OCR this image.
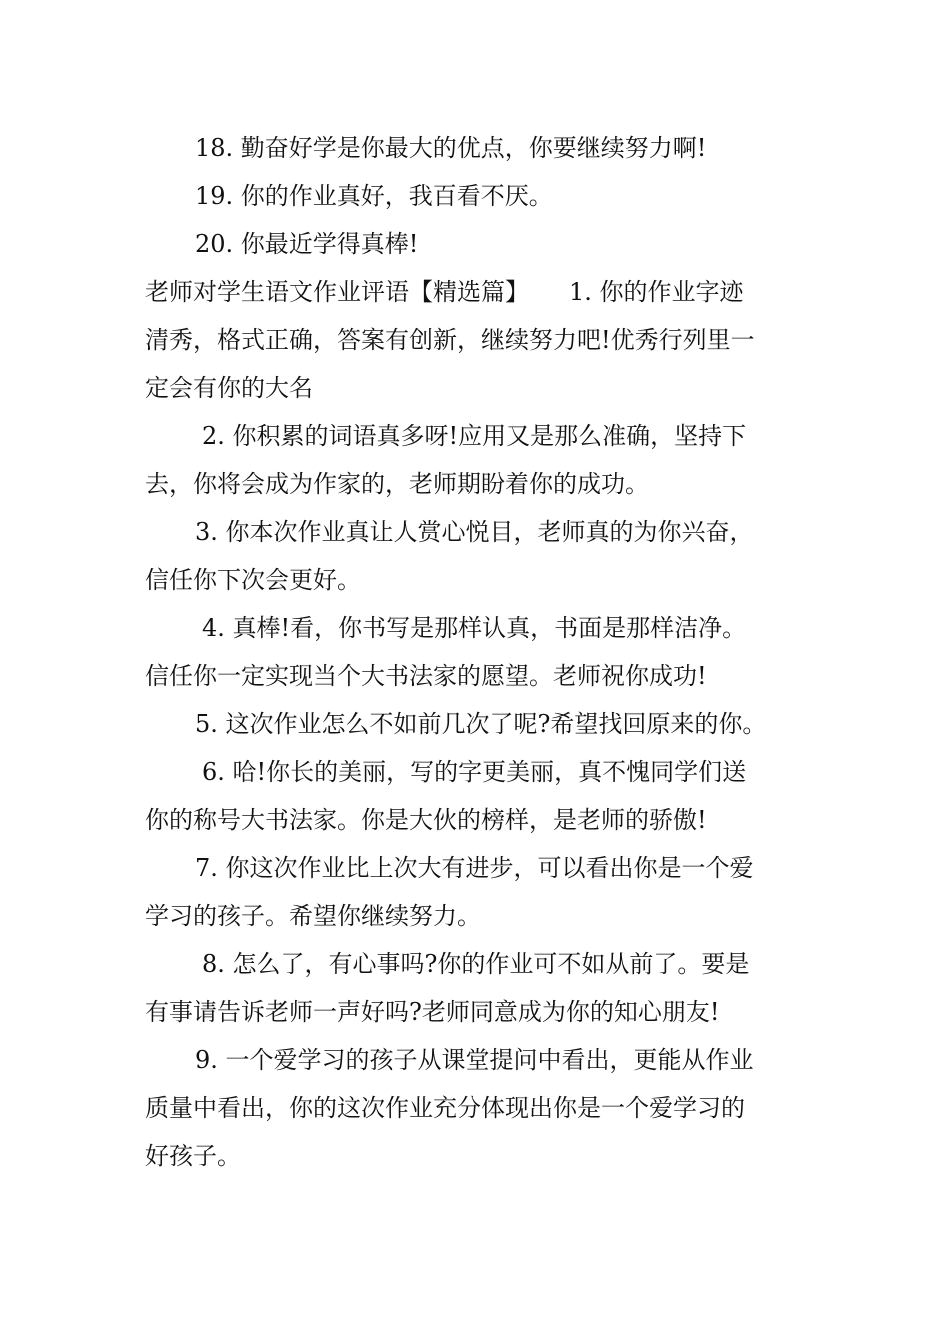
18. 勤奋好学是你最大的优点，你要继续努力啊!
19. 你的作业真好，我百看不厌。
20. 你最近学得真棒!
老师对学生语文作业评语【精选篇】 1. 你的作业字迹
清秀，格式正确，答案有创新，继续努力吧!优秀行列里一
定会有你的大名
2. 你积累的词语真多呀!应用又是那么准确，坚持下
去，你将会成为作家的，老师期盼着你的成功。
3. 你本次作业真让人赏心悦目，老师真的为你兴奋，
信任你下次会更好。
4. 真棒!看，你书写是那样认真，书面是那样洁净。
信任你一定实现当个大书法家的愿望。老师祝你成功!
5. 这次作业怎么不如前几次了呢?希望找回原来的你。
6. 哈!你长的美丽，写的字更美丽，真不愧同学们送
你的称号大书法家。你是大伙的榜样，是老师的骄傲!
7. 你这次作业比上次大有进步，可以看出你是一个爱
学习的孩子。希望你继续努力。
8. 怎么了，有心事吗?你的作业可不如从前了。要是
有事请告诉老师一声好吗?老师同意成为你的知心朋友!
9. 一个爱学习的孩子从课堂提问中看出，更能从作业
质量中看出，你的这次作业充分体现出你是一个爱学习的
好孩子。
